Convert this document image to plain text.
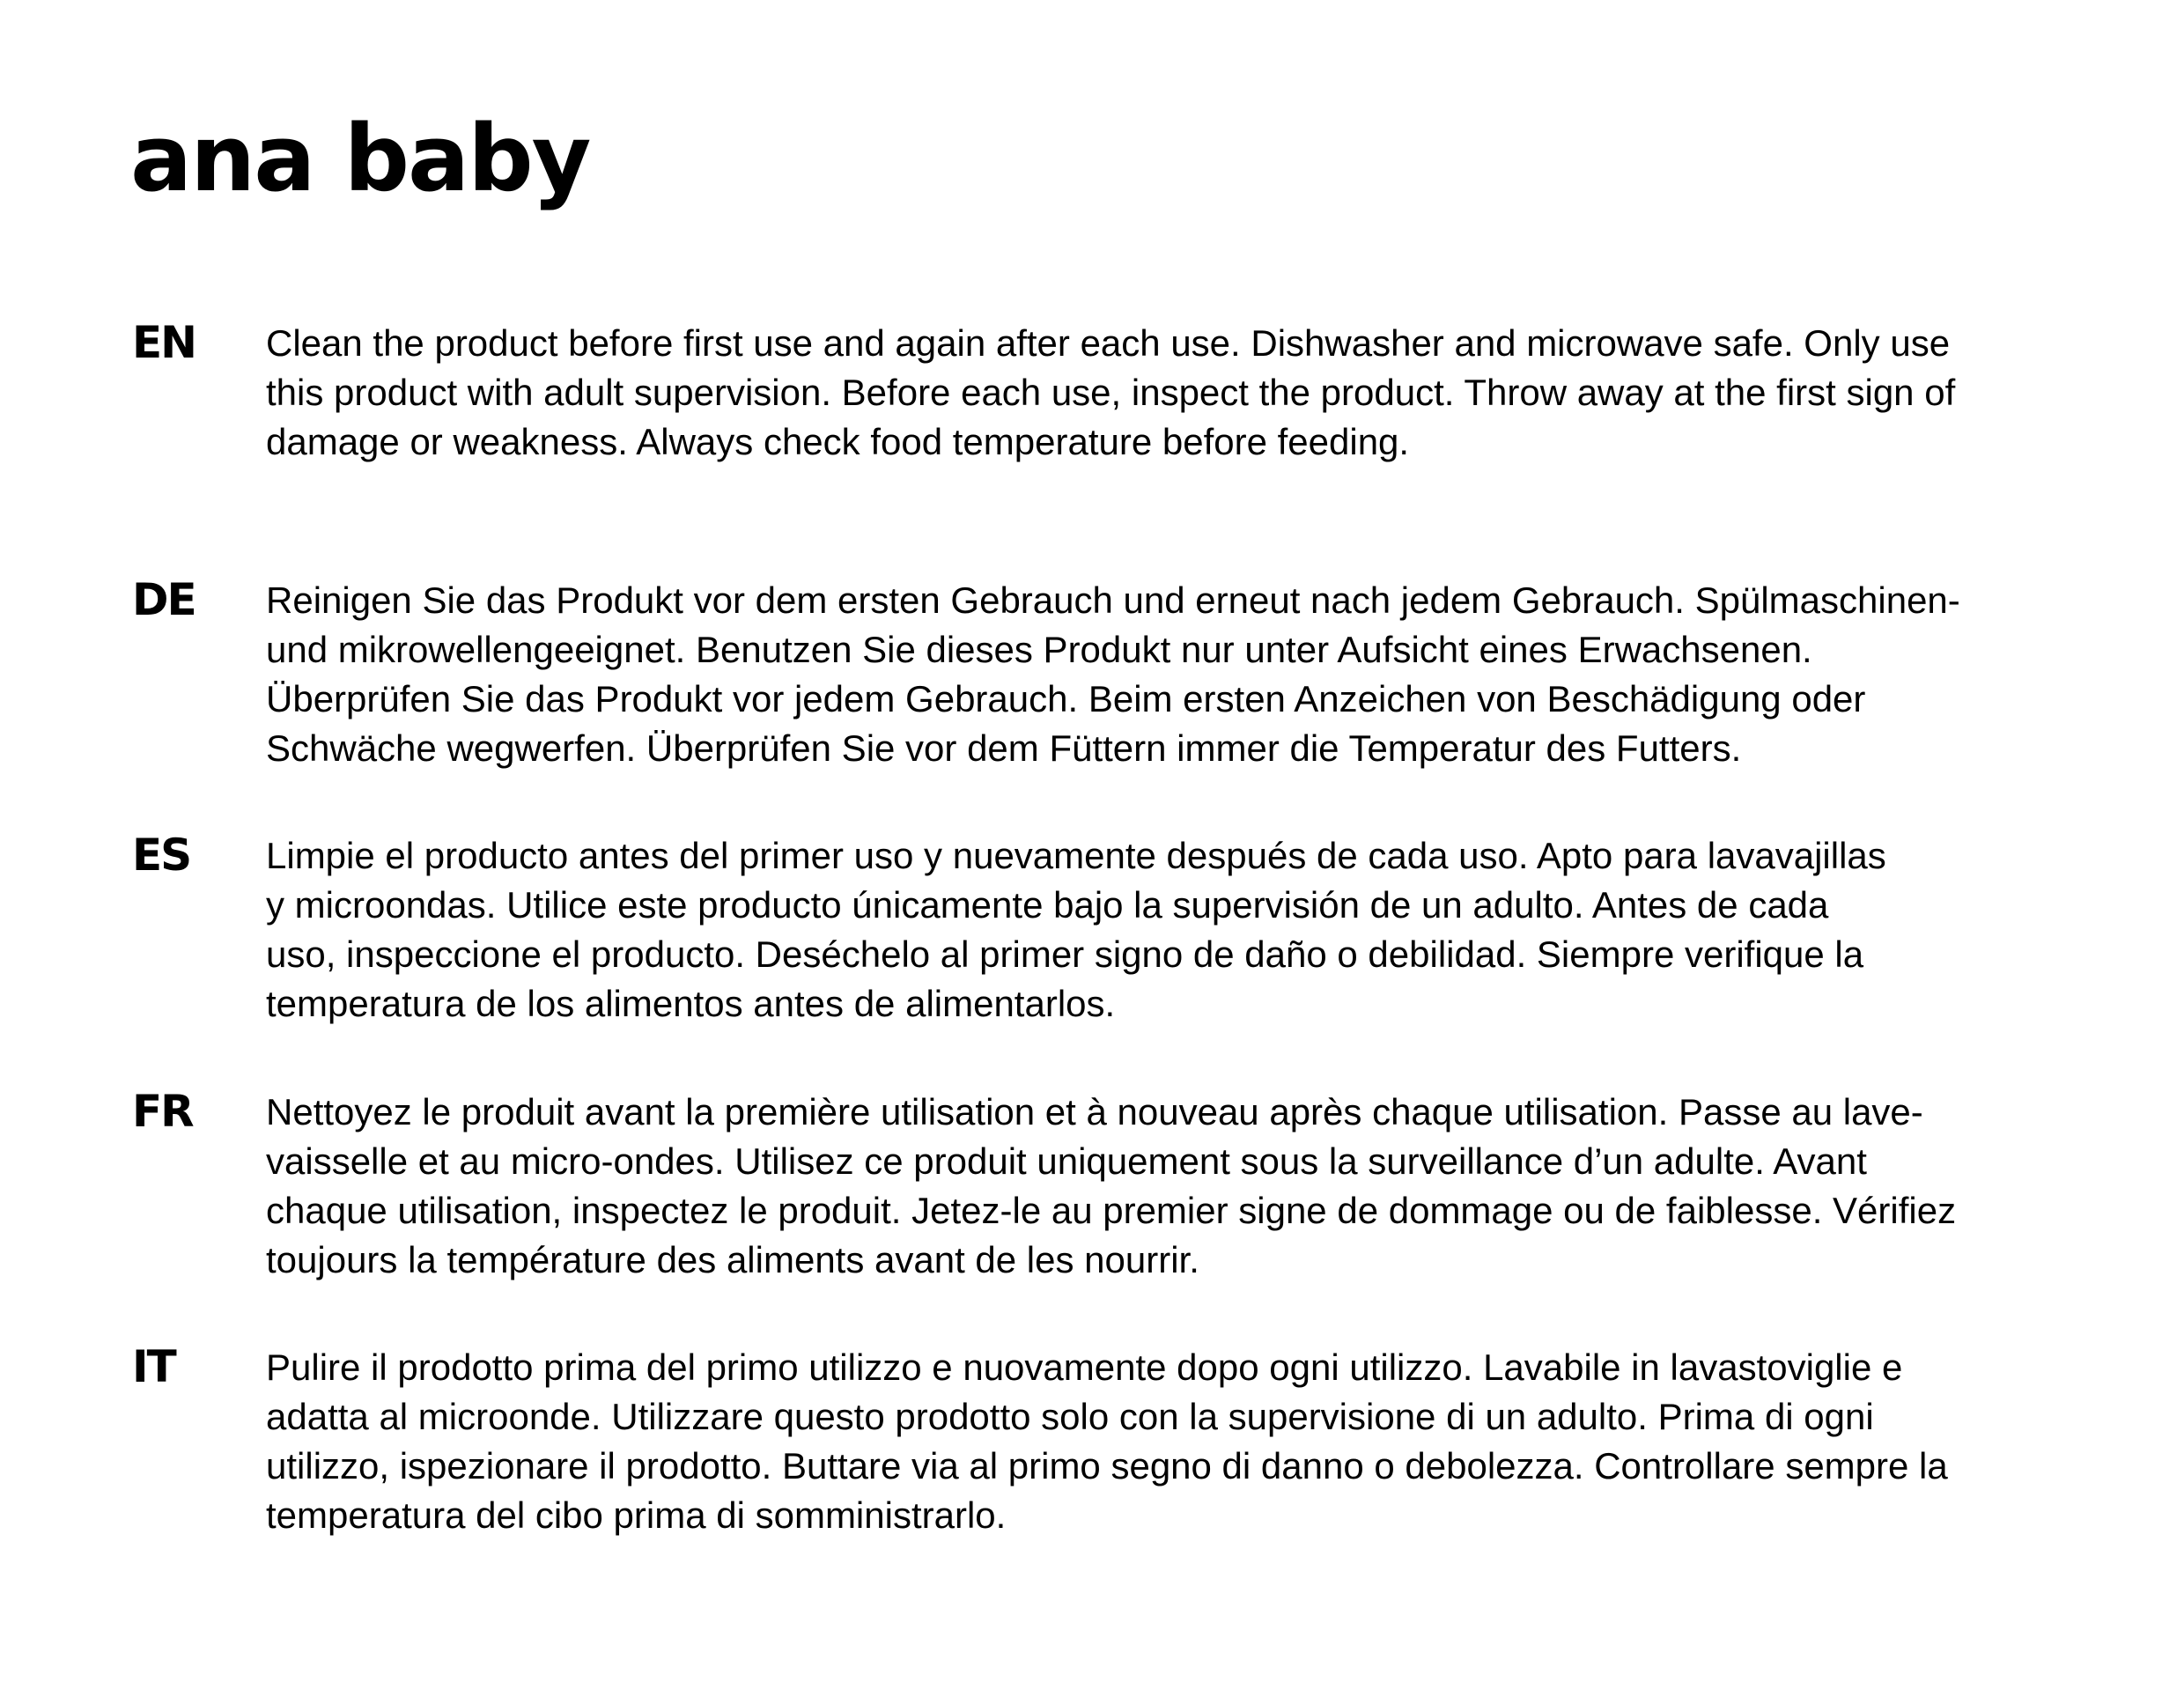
ana baby
EN Clean the product before first use and again after each use. Dishwasher and microwave safe. Only use
this product with adult supervision. Before each use, inspect the product. Throw away at the first sign of
damage or weakness. Always check food temperature before feeding.

DE Reinigen Sie das Produkt vor dem ersten Gebrauch und erneut nach jedem Gebrauch. Spülmaschinen-
und mikrowellengeeignet. Benutzen Sie dieses Produkt nur unter Aufsicht eines Erwachsenen.
Überprüfen Sie das Produkt vor jedem Gebrauch. Beim ersten Anzeichen von Beschädigung oder
Schwäche wegwerfen. Überprüfen Sie vor dem Füttern immer die Temperatur des Futters.

ES Limpie el producto antes del primer uso y nuevamente después de cada uso. Apto para lavavajillas
y microondas. Utilice este producto únicamente bajo la supervisión de un adulto. Antes de cada
uso, inspeccione el producto. Deséchelo al primer signo de daño o debilidad. Siempre verifique la
temperatura de los alimentos antes de alimentarlos.

FR Nettoyez le produit avant la première utilisation et à nouveau après chaque utilisation. Passe au lave-
vaisselle et au micro-ondes. Utilisez ce produit uniquement sous la surveillance d’un adulte. Avant
chaque utilisation, inspectez le produit. Jetez-le au premier signe de dommage ou de faiblesse. Vérifiez
toujours la température des aliments avant de les nourrir.

IT Pulire il prodotto prima del primo utilizzo e nuovamente dopo ogni utilizzo. Lavabile in lavastoviglie e
adatta al microonde. Utilizzare questo prodotto solo con la supervisione di un adulto. Prima di ogni
utilizzo, ispezionare il prodotto. Buttare via al primo segno di danno o debolezza. Controllare sempre la
temperatura del cibo prima di somministrarlo.
